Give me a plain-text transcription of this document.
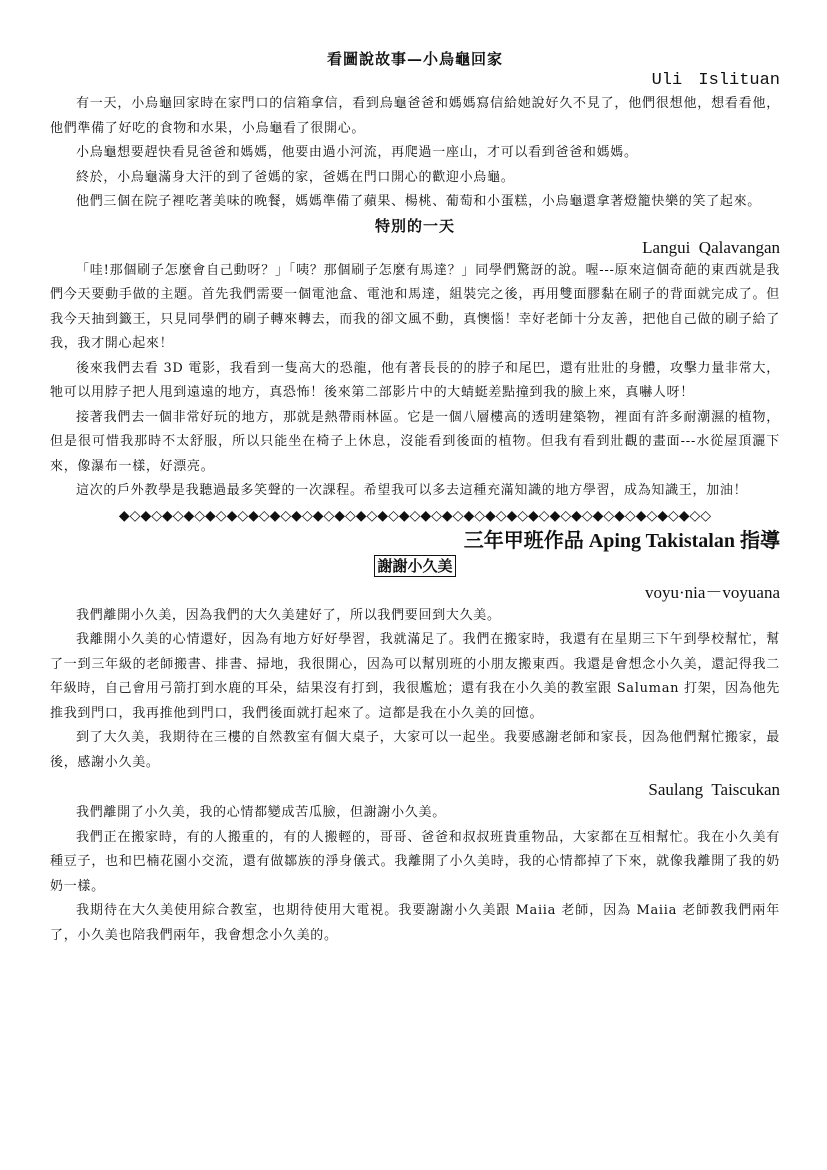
看圖說故事—小烏龜回家
Uli Islituan

有一天，小烏龜回家時在家門口的信箱拿信，看到烏龜爸爸和媽媽寫信給她說好久不見了，他們很想他，想看看他，他們準備了好吃的食物和水果，小烏龜看了很開心。

小烏龜想要趕快看見爸爸和媽媽，他要由過小河流，再爬過一座山，才可以看到爸爸和媽媽。

終於，小烏龜滿身大汗的到了爸媽的家，爸媽在門口開心的歡迎小烏龜。

他們三個在院子裡吃著美味的晚餐，媽媽準備了蘋果、楊桃、葡萄和小蛋糕，小烏龜還拿著燈籠快樂的笑了起來。

特別的一天
Langui  Qalavangan

「哇!那個刷子怎麼會自己動呀？」「咦？那個刷子怎麼有馬達？」同學們驚訝的說。喔---原來這個奇葩的東西就是我們今天要動手做的主題。首先我們需要一個電池盒、電池和馬達，組裝完之後，再用雙面膠黏在刷子的背面就完成了。但我今天抽到籤王，只見同學們的刷子轉來轉去，而我的卻文風不動，真懊惱！幸好老師十分友善，把他自己做的刷子給了我，我才開心起來！

後來我們去看 3D 電影，我看到一隻高大的恐龍，他有著長長的的脖子和尾巴，還有壯壯的身體，攻擊力量非常大，牠可以用脖子把人甩到遠遠的地方，真恐怖！後來第二部影片中的大蜻蜓差點撞到我的臉上來，真嚇人呀！

接著我們去一個非常好玩的地方，那就是熱帶雨林區。它是一個八層樓高的透明建築物，裡面有許多耐潮濕的植物，但是很可惜我那時不太舒服，所以只能坐在椅子上休息，沒能看到後面的植物。但我有看到壯觀的畫面---水從屋頂灑下來，像瀑布一樣，好漂亮。

這次的戶外教學是我聽過最多笑聲的一次課程。希望我可以多去這種充滿知識的地方學習，成為知識王，加油！

◆◇◆◇◆◇◆◇◆◇◆◇◆◇◆◇◆◇◆◇◆◇◆◇◆◇◆◇◆◇◆◇◆◇◆◇◆◇◆◇◆◇◆◇◆◇◆◇◆◇◆◇◆◇◇
三年甲班作品 Aping Takistalan 指導
謝謝小久美
voyu·nia－voyuana

我們離開小久美，因為我們的大久美建好了，所以我們要回到大久美。

我離開小久美的心情還好，因為有地方好好學習，我就滿足了。我們在搬家時，我還有在星期三下午到學校幫忙，幫了一到三年級的老師搬書、排書、掃地，我很開心，因為可以幫別班的小朋友搬東西。我還是會想念小久美，還記得我二年級時，自己會用弓箭打到水鹿的耳朵，結果沒有打到，我很尷尬；還有我在小久美的教室跟 Saluman 打架，因為他先推我到門口，我再推他到門口，我們後面就打起來了。這都是我在小久美的回憶。

到了大久美，我期待在三樓的自然教室有個大桌子，大家可以一起坐。我要感謝老師和家長，因為他們幫忙搬家，最後，感謝小久美。

Saulang  Taiscukan

我們離開了小久美，我的心情都變成苦瓜臉，但謝謝小久美。

我們正在搬家時，有的人搬重的，有的人搬輕的，哥哥、爸爸和叔叔班貴重物品，大家都在互相幫忙。我在小久美有種豆子，也和巴楠花園小交流，還有做鄒族的淨身儀式。我離開了小久美時，我的心情都掉了下來，就像我離開了我的奶奶一樣。

我期待在大久美使用綜合教室，也期待使用大電視。我要謝謝小久美跟 Maiia 老師，因為 Maiia 老師教我們兩年了，小久美也陪我們兩年，我會想念小久美的。
